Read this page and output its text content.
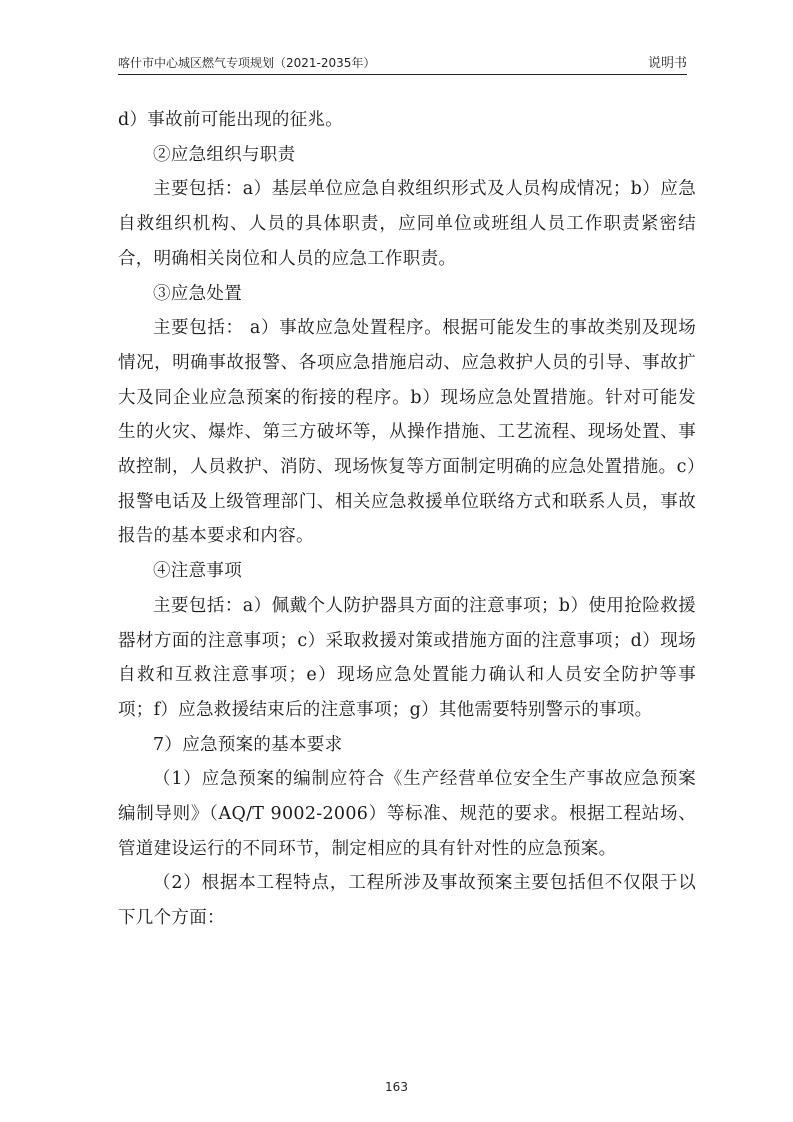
喀什市中心城区燃气专项规划（2021-2035年）	说明书

d）事故前可能出现的征兆。

②应急组织与职责

主要包括：a）基层单位应急自救组织形式及人员构成情况；b）应急自救组织机构、人员的具体职责，应同单位或班组人员工作职责紧密结合，明确相关岗位和人员的应急工作职责。

③应急处置

主要包括： a）事故应急处置程序。根据可能发生的事故类别及现场情况，明确事故报警、各项应急措施启动、应急救护人员的引导、事故扩大及同企业应急预案的衔接的程序。b）现场应急处置措施。针对可能发生的火灾、爆炸、第三方破坏等，从操作措施、工艺流程、现场处置、事故控制，人员救护、消防、现场恢复等方面制定明确的应急处置措施。c）报警电话及上级管理部门、相关应急救援单位联络方式和联系人员，事故报告的基本要求和内容。

④注意事项

主要包括：a）佩戴个人防护器具方面的注意事项；b）使用抢险救援器材方面的注意事项；c）采取救援对策或措施方面的注意事项；d）现场自救和互救注意事项；e）现场应急处置能力确认和人员安全防护等事项；f）应急救援结束后的注意事项；g）其他需要特别警示的事项。

7）应急预案的基本要求

（1）应急预案的编制应符合《生产经营单位安全生产事故应急预案编制导则》（AQ/T 9002-2006）等标准、规范的要求。根据工程站场、管道建设运行的不同环节，制定相应的具有针对性的应急预案。

（2）根据本工程特点，工程所涉及事故预案主要包括但不仅限于以下几个方面：

163
